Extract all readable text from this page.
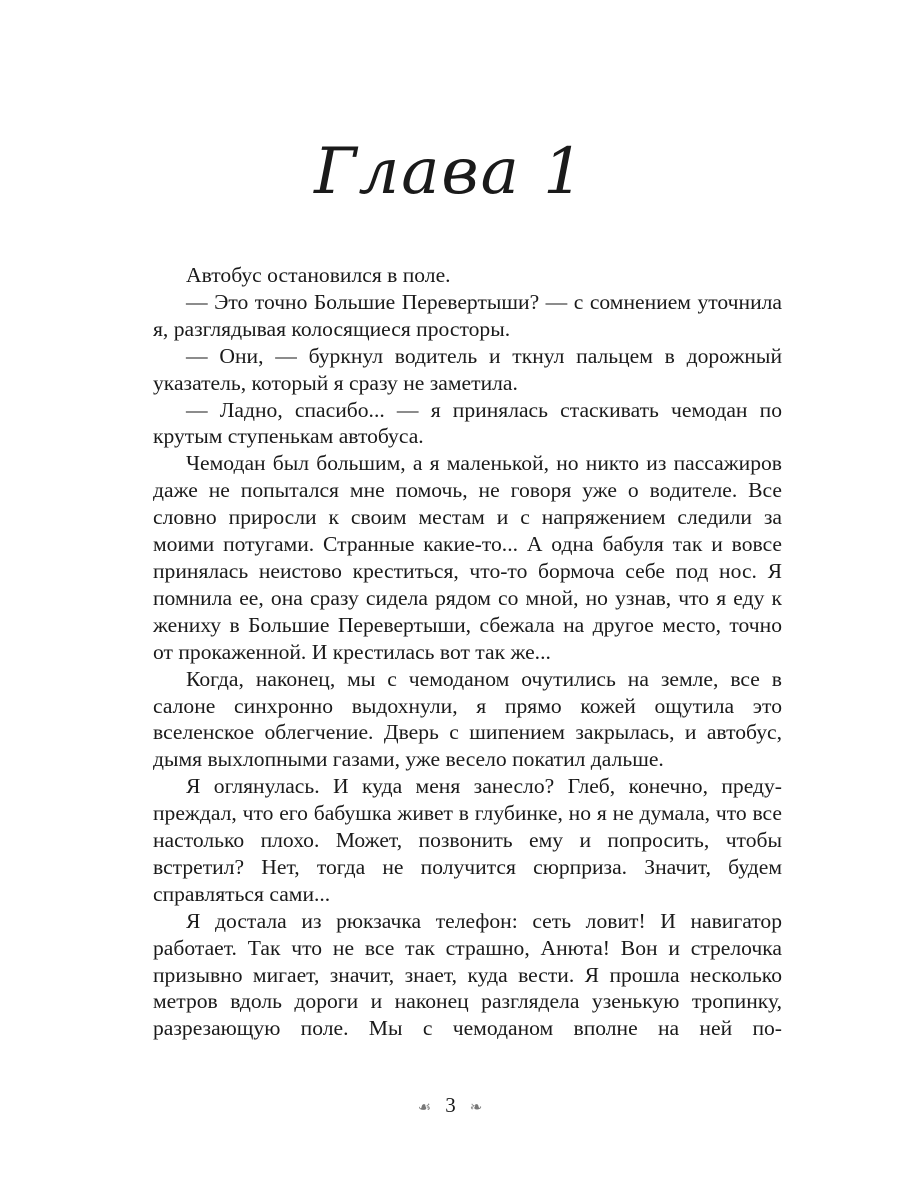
Глава 1

Автобус остановился в поле.

— Это точно Большие Перевертыши? — с сомнением уточнила я, разглядывая колосящиеся просторы.

— Они, — буркнул водитель и ткнул пальцем в дорожный указатель, который я сразу не заметила.

— Ладно, спасибо... — я принялась стаскивать чемодан по крутым ступенькам автобуса.

Чемодан был большим, а я маленькой, но никто из пассажиров даже не попытался мне помочь, не говоря уже о водителе. Все словно приросли к своим местам и с напряжением следили за моими потугами. Странные какие-то... А одна бабуля так и вовсе принялась неистово креститься, что-то бормоча себе под нос. Я помнила ее, она сразу сидела рядом со мной, но узнав, что я еду к жениху в Большие Перевертыши, сбежала на другое место, точно от прокаженной. И крестилась вот так же...

Когда, наконец, мы с чемоданом очутились на земле, все в салоне синхронно выдохнули, я прямо кожей ощутила это вселенское облегчение. Дверь с шипением закрылась, и автобус, дымя выхлопными газами, уже весело покатил дальше.

Я оглянулась. И куда меня занесло? Глеб, конечно, предупреждал, что его бабушка живет в глубинке, но я не думала, что все настолько плохо. Может, позвонить ему и попросить, чтобы встретил? Нет, тогда не получится сюрприза. Значит, будем справляться сами...

Я достала из рюкзачка телефон: сеть ловит! И навигатор работает. Так что не все так страшно, Анюта! Вон и стрелочка призывно мигает, значит, знает, куда вести. Я прошла несколько метров вдоль дороги и наконец разглядела узенькую тропинку, разрезающую поле. Мы с чемоданом вполне на ней по-

☙ 3 ❧
